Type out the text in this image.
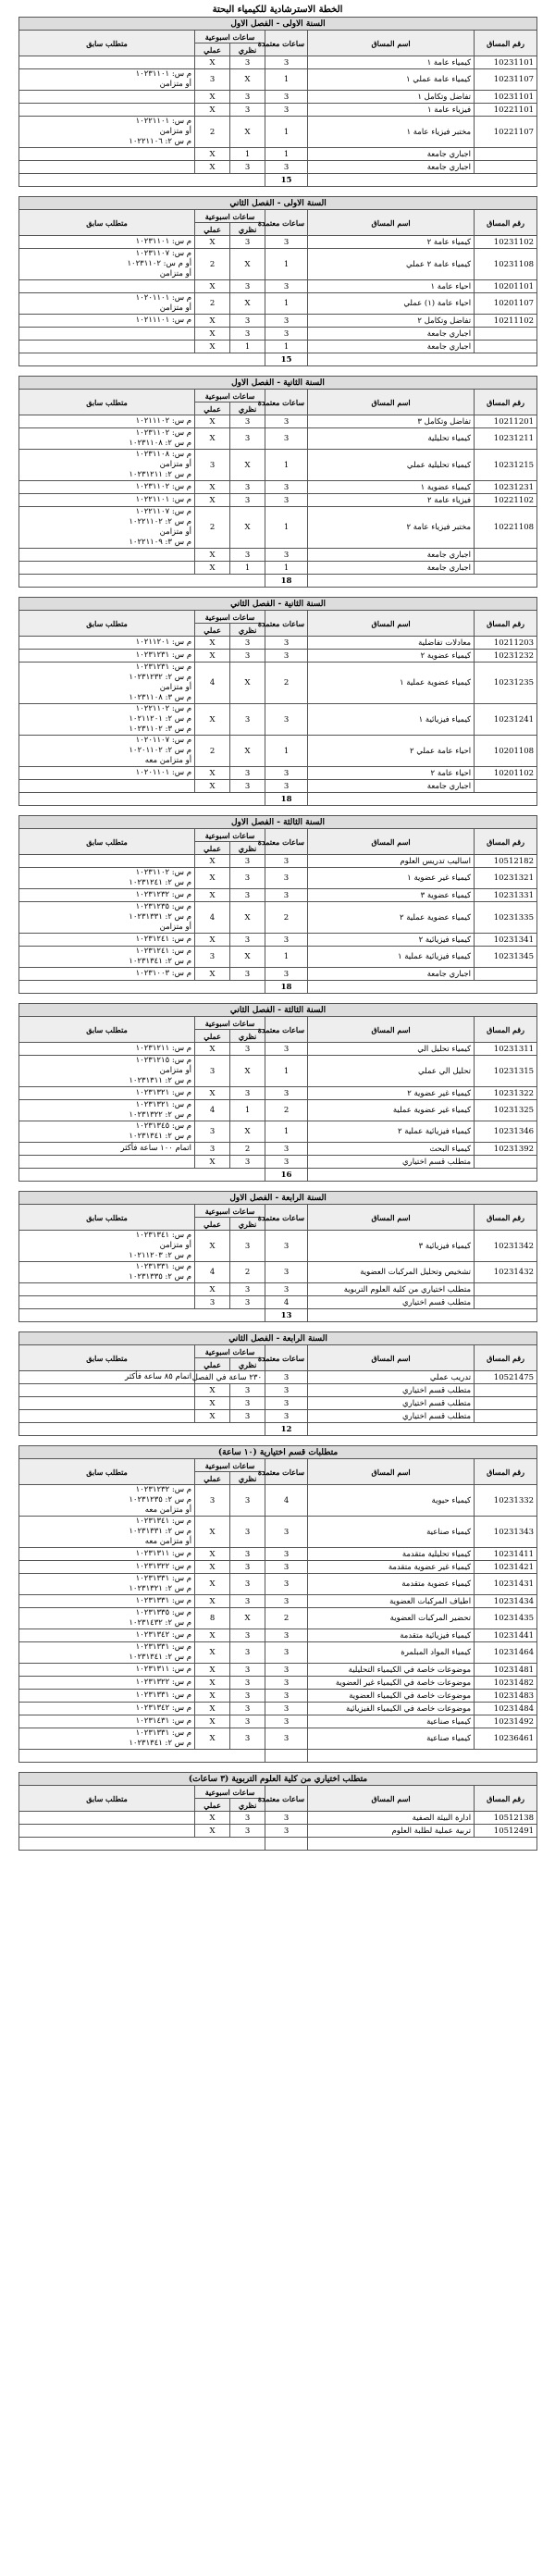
الخطة الاسترشادية للكيمياء البحتة
السنة الاولى - الفصل الاول					
رقم المساق	اسم المساق	ساعات معتمدة	ساعات اسبوعية		متطلب سابق
			نظري	عملي	
10231101	كيمياء عامة ١	3	3	X	
10231107	كيمياء عامة عملي ١	1	X	3	م س: ١٠٢٣١١٠١
أو متزامن

10231101	تفاضل وتكامل ١	3	3	X	
10221101	فيزياء عامة ١	3	3	X	
10221107	مختبر فيزياء عامة ١	1	X	2	م س: ١٠٢٢١١٠١
أو متزامن
م س ٢: ١٠٢٢١١٠٦

	اجباري جامعة	1	1	X	
	اجباري جامعة	3	3	X	
		15			
السنة الاولى - الفصل الثاني					
رقم المساق	اسم المساق	ساعات معتمدة	ساعات اسبوعية		متطلب سابق
			نظري	عملي	
10231102	كيمياء عامة ٢	3	3	X	م س: ١٠٢٣١١٠١

10231108	كيمياء عامة ٢ عملي	1	X	2	م س: ١٠٢٣١١٠٧
أو م س: ١٠٢٣١١٠٢
أو متزامن

10201101	احياء عامة ١	3	3	X	
10201107	احياء عامة (١) عملي	1	X	2	م س: ١٠٢٠١١٠١
أو متزامن

10211102	تفاضل وتكامل ٢	3	3	X	م س: ١٠٢١١١٠١

	اجباري جامعة	3	3	X	
	اجباري جامعة	1	1	X	
		15			
السنة الثانية - الفصل الاول					
رقم المساق	اسم المساق	ساعات معتمدة	ساعات اسبوعية		متطلب سابق
			نظري	عملي	
10211201	تفاضل وتكامل ٣	3	3	X	م س: ١٠٢١١١٠٢

10231211	كيمياء تحليلية	3	3	X	م س: ١٠٢٣١١٠٢
م س ٢: ١٠٢٣١١٠٨

10231215	كيمياء تحليلية عملي	1	X	3	م س: ١٠٢٣١١٠٨
أو متزامن
م س ٢: ١٠٢٣١٢١١

10231231	كيمياء عضوية ١	3	3	X	م س: ١٠٢٣١١٠٢

10221102	فيزياء عامة ٢	3	3	X	م س: ١٠٢٢١١٠١

10221108	مختبر فيزياء عامة ٢	1	X	2	م س: ١٠٢٢١١٠٧
م س ٢: ١٠٢٢١١٠٢
أو متزامن
م س ٣: ١٠٢٢١١٠٩

	اجباري جامعة	3	3	X	
	اجباري جامعة	1	1	X	
		18			
السنة الثانية - الفصل الثاني					
رقم المساق	اسم المساق	ساعات معتمدة	ساعات اسبوعية		متطلب سابق
			نظري	عملي	
10211203	معادلات تفاضلية	3	3	X	م س: ١٠٢١١٢٠١

10231232	كيمياء عضوية ٢	3	3	X	م س: ١٠٢٣١٢٣١

10231235	كيمياء عضوية عملية ١	2	X	4	م س: ١٠٢٣١٢٣١
م س ٢: ١٠٢٣١٢٣٢
أو متزامن
م س ٣: ١٠٢٣١١٠٨

10231241	كيمياء فيزيائية ١	3	3	X	م س: ١٠٢٢١١٠٢
م س ٢: ١٠٢١١٢٠١
م س ٣: ١٠٢٣١١٠٢

10201108	احياء عامة عملي ٢	1	X	2	م س: ١٠٢٠١١٠٧
م س ٢: ١٠٢٠١١٠٢
أو متزامن معه

10201102	احياء عامة ٢	3	3	X	م س: ١٠٢٠١١٠١

	اجباري جامعة	3	3	X	
		18			
السنة الثالثة - الفصل الاول					
رقم المساق	اسم المساق	ساعات معتمدة	ساعات اسبوعية		متطلب سابق
			نظري	عملي	
10512182	اساليب تدريس العلوم	3	3	X	
10231321	كيمياء غير عضوية ١	3	3	X	م س: ١٠٢٣١١٠٢
م س ٢: ١٠٢٣١٢٤١

10231331	كيمياء عضوية ٣	3	3	X	م س: ١٠٢٣١٢٣٢

10231335	كيمياء عضوية عملية ٢	2	X	4	م س: ١٠٢٣١٢٣٥
م س ٢: ١٠٢٣١٣٣١
أو متزامن

10231341	كيمياء فيزيائية ٢	3	3	X	م س: ١٠٢٣١٢٤١

10231345	كيمياء فيزيائية عملية ١	1	X	3	م س: ١٠٢٣١٢٤١
م س ٢: ١٠٢٣١٣٤١

	اجباري جامعة	3	3	X	م س: ١٠٢٣١٠٠٣

		18			
السنة الثالثة - الفصل الثاني					
رقم المساق	اسم المساق	ساعات معتمدة	ساعات اسبوعية		متطلب سابق
			نظري	عملي	
10231311	كيمياء تحليل الي	3	3	X	م س: ١٠٢٣١٢١١

10231315	تحليل الي عملي	1	X	3	م س: ١٠٢٣١٢١٥
أو متزامن
م س ٢: ١٠٢٣١٣١١

10231322	كيمياء غير عضوية ٢	3	3	X	م س: ١٠٢٣١٣٢١

10231325	كيمياء غير عضوية عملية	2	1	4	م س: ١٠٢٣١٣٢١
م س ٢: ١٠٢٣١٣٢٢

10231346	كيمياء فيزيائية عملية ٢	1	X	3	م س: ١٠٢٣١٣٤٥
م س ٢: ١٠٢٣١٣٤١

10231392	كيمياء البحث	3	2	3	اتمام ١٠٠ ساعة فأكثر

	متطلب قسم اختياري	3	3	X	
		16			
السنة الرابعة - الفصل الاول					
رقم المساق	اسم المساق	ساعات معتمدة	ساعات اسبوعية		متطلب سابق
			نظري	عملي	
10231342	كيمياء فيزيائية ٣	3	3	X	م س: ١٠٢٣١٣٤١
أو متزامن
م س ٢: ١٠٢١١٢٠٣

10231432	تشخيص وتحليل المركبات العضوية	3	2	4	م س: ١٠٢٣١٣٣١
م س ٢: ١٠٢٣١٣٣٥

	متطلب اختياري من كلية العلوم التربوية	3	3	X	
	متطلب قسم اختياري	4	3	3	
		13			
السنة الرابعة - الفصل الثاني					
رقم المساق	اسم المساق	ساعات معتمدة	ساعات اسبوعية		متطلب سابق
			نظري	عملي	
10521475	تدريب عملي	3	٢٣٠ ساعة في الفصل		اتمام ٨٥ ساعة فأكثر

	متطلب قسم اختياري	3	3	X	
	متطلب قسم اختياري	3	3	X	
	متطلب قسم اختياري	3	3	X	
		12			
متطلبات قسم اختيارية (١٠ ساعة)					
رقم المساق	اسم المساق	ساعات معتمدة	ساعات اسبوعية		متطلب سابق
			نظري	عملي	
10231332	كيمياء حيوية	4	3	3	م س: ١٠٢٣١٢٣٢
م س ٢: ١٠٢٣١٢٣٥
أو متزامن معه

10231343	كيمياء صناعية	3	3	X	م س: ١٠٢٣١٣٤١
م س ٢: ١٠٢٣١٣٣١
أو متزامن معه

10231411	كيمياء تحليلية متقدمة	3	3	X	م س: ١٠٢٣١٣١١

10231421	كيمياء غير عضوية متقدمة	3	3	X	م س: ١٠٢٣١٣٢٢

10231431	كيمياء عضوية متقدمة	3	3	X	م س: ١٠٢٣١٣٣١
م س ٢: ١٠٢٣١٣٢١

10231434	اطياف المركبات العضوية	3	3	X	م س: ١٠٢٣١٣٣١

10231435	تحضير المركبات العضوية	2	X	8	م س: ١٠٢٣١٣٣٥
م س ٢: ١٠٢٣١٤٣٢

10231441	كيمياء فيزيائية متقدمة	3	3	X	م س: ١٠٢٣١٣٤٢

10231464	كيمياء المواد المبلمرة	3	3	X	م س: ١٠٢٣١٣٣١
م س ٢: ١٠٢٣١٣٤١

10231481	موضوعات خاصة في الكيمياء التحليلية	3	3	X	م س: ١٠٢٣١٣١١

10231482	موضوعات خاصة في الكيمياء غير العضوية	3	3	X	م س: ١٠٢٣١٣٢٢

10231483	موضوعات خاصة في الكيمياء العضوية	3	3	X	م س: ١٠٢٣١٣٣١

10231484	موضوعات خاصة في الكيمياء الفيزيائية	3	3	X	م س: ١٠٢٣١٣٤٢

10231492	كيمياء صناعية	3	3	X	م س: ١٠٢٣١٤٣١

10236461	كيمياء صناعية	3	3	X	م س: ١٠٢٣١٣٣١
م س ٢: ١٠٢٣١٣٤١

متطلب اختياري من كلية العلوم التربوية (٣ ساعات)					
رقم المساق	اسم المساق	ساعات معتمدة	ساعات اسبوعية		متطلب سابق
			نظري	عملي	
10512138	ادارة البيئة الصفية	3	3	X	
10512491	تربية عملية لطلبة العلوم	3	3	X	
